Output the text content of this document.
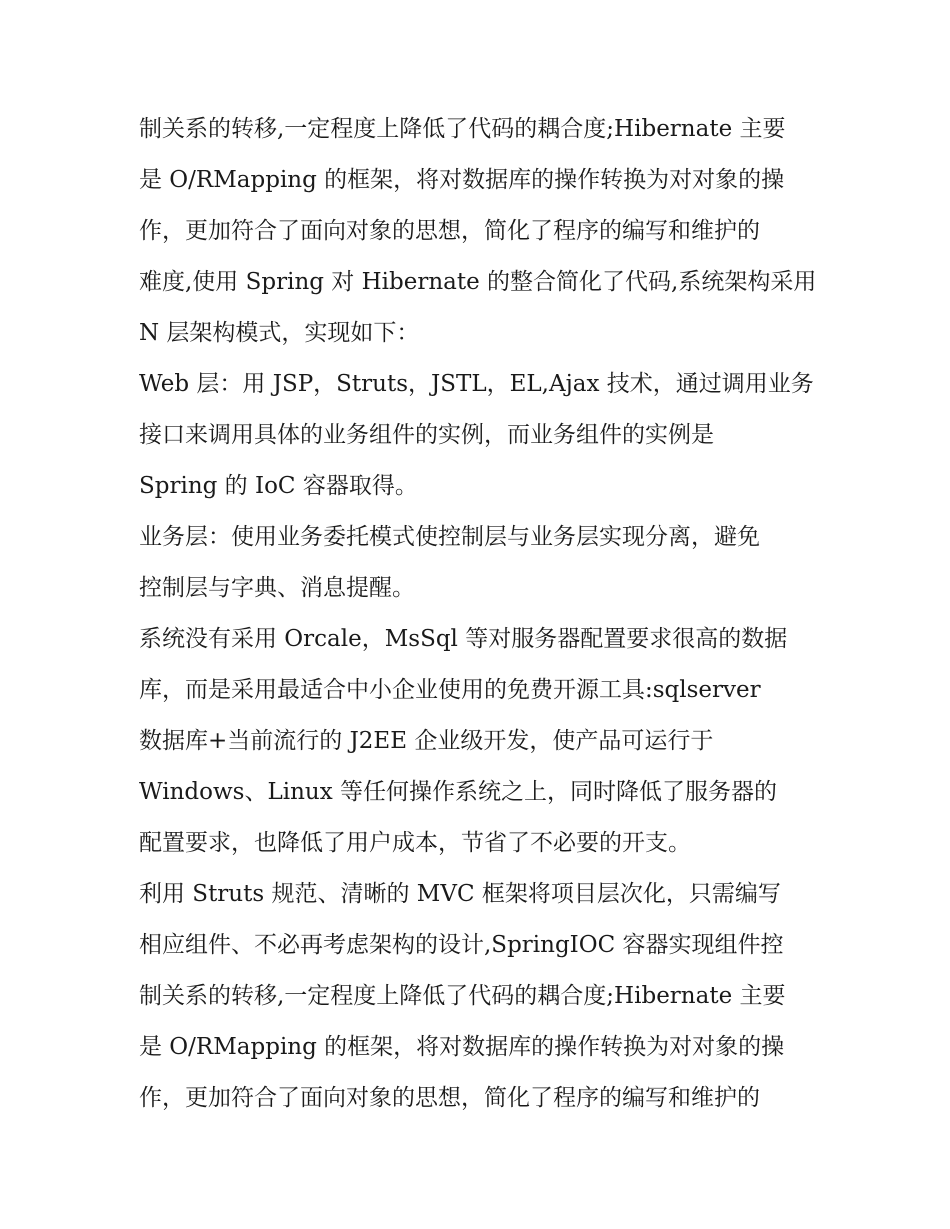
制关系的转移,一定程度上降低了代码的耦合度;Hibernate 主要
是 O/RMapping 的框架，将对数据库的操作转换为对对象的操
作，更加符合了面向对象的思想，简化了程序的编写和维护的
难度,使用 Spring 对 Hibernate 的整合简化了代码,系统架构采用
N 层架构模式，实现如下：
Web 层：用 JSP，Struts，JSTL，EL,Ajax 技术，通过调用业务
接口来调用具体的业务组件的实例，而业务组件的实例是
Spring 的 IoC 容器取得。
业务层：使用业务委托模式使控制层与业务层实现分离，避免
控制层与字典、消息提醒。
系统没有采用 Orcale，MsSql 等对服务器配置要求很高的数据
库，而是采用最适合中小企业使用的免费开源工具:sqlserver
数据库+当前流行的 J2EE 企业级开发，使产品可运行于
Windows、Linux 等任何操作系统之上，同时降低了服务器的
配置要求，也降低了用户成本，节省了不必要的开支。
利用 Struts 规范、清晰的 MVC 框架将项目层次化，只需编写
相应组件、不必再考虑架构的设计,SpringIOC 容器实现组件控
制关系的转移,一定程度上降低了代码的耦合度;Hibernate 主要
是 O/RMapping 的框架，将对数据库的操作转换为对对象的操
作，更加符合了面向对象的思想，简化了程序的编写和维护的
